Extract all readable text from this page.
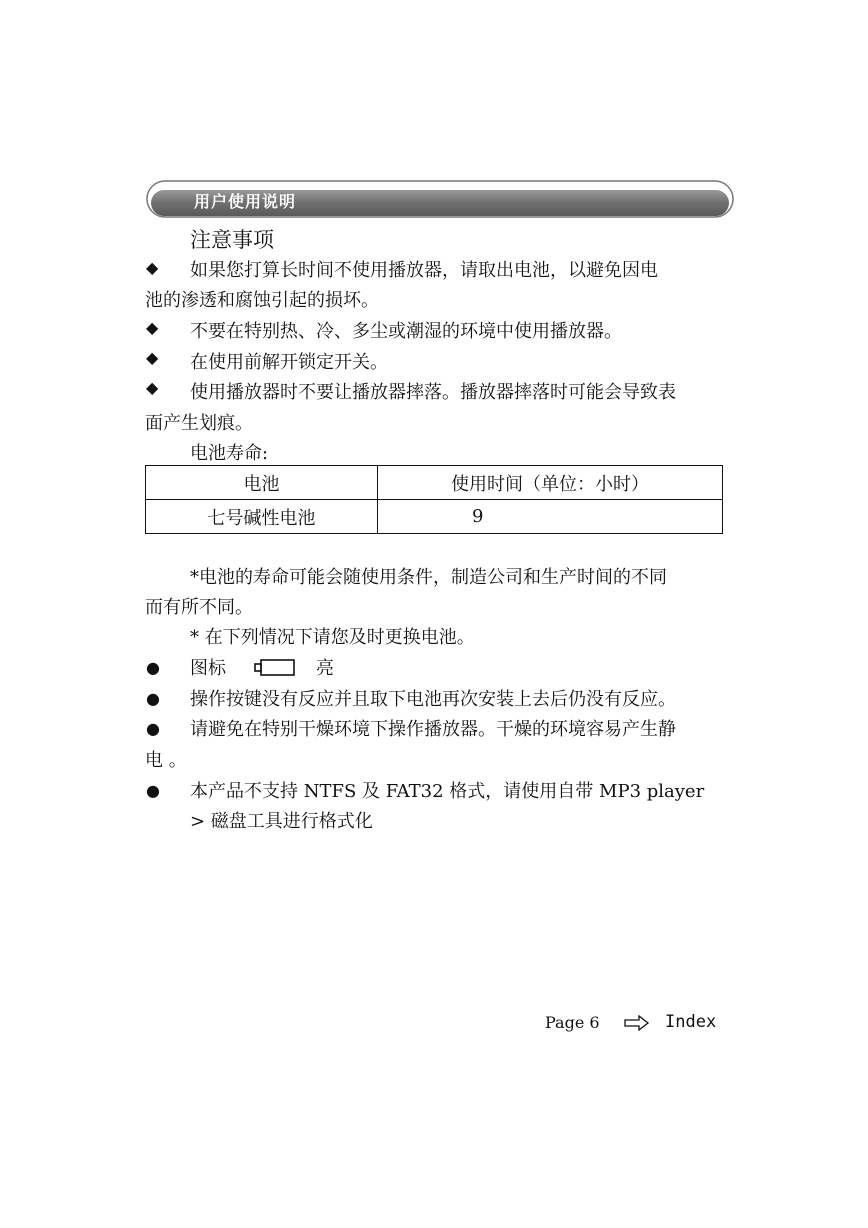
用户使用说明
注意事项
◆ 如果您打算长时间不使用播放器，请取出电池，以避免因电
池的渗透和腐蚀引起的损坏。
◆ 不要在特别热、冷、多尘或潮湿的环境中使用播放器。
◆ 在使用前解开锁定开关。
◆ 使用播放器时不要让播放器摔落。播放器摔落时可能会导致表
面产生划痕。
电池寿命:
电池	使用时间（单位：小时）
七号碱性电池	9
*电池的寿命可能会随使用条件，制造公司和生产时间的不同
而有所不同。
* 在下列情况下请您及时更换电池。
● 图标	亮
● 操作按键没有反应并且取下电池再次安装上去后仍没有反应。
● 请避免在特别干燥环境下操作播放器。干燥的环境容易产生静
电 。
● 本产品不支持 NTFS 及 FAT32 格式，请使用自带 MP3 player
> 磁盘工具进行格式化
Page 6	Index
